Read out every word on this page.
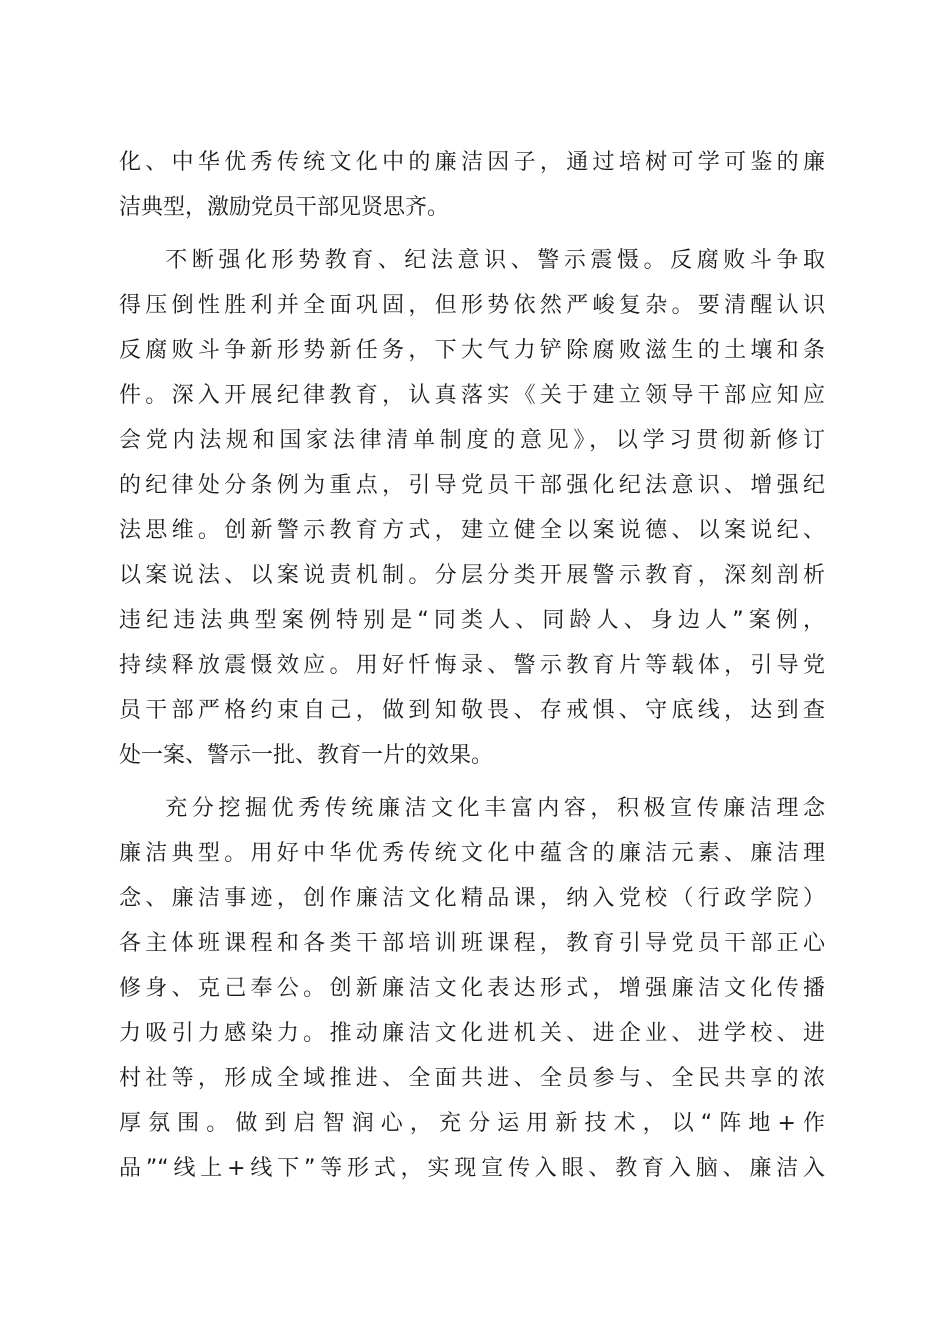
化、中华优秀传统文化中的廉洁因子，通过培树可学可鉴的廉
洁典型，激励党员干部见贤思齐。
不断强化形势教育、纪法意识、警示震慑。反腐败斗争取
得压倒性胜利并全面巩固，但形势依然严峻复杂。要清醒认识
反腐败斗争新形势新任务，下大气力铲除腐败滋生的土壤和条
件。深入开展纪律教育，认真落实《关于建立领导干部应知应
会党内法规和国家法律清单制度的意见》，以学习贯彻新修订
的纪律处分条例为重点，引导党员干部强化纪法意识、增强纪
法思维。创新警示教育方式，建立健全以案说德、以案说纪、
以案说法、以案说责机制。分层分类开展警示教育，深刻剖析
违纪违法典型案例特别是“同类人、同龄人、身边人”案例，
持续释放震慑效应。用好忏悔录、警示教育片等载体，引导党
员干部严格约束自己，做到知敬畏、存戒惧、守底线，达到查
处一案、警示一批、教育一片的效果。
充分挖掘优秀传统廉洁文化丰富内容，积极宣传廉洁理念
廉洁典型。用好中华优秀传统文化中蕴含的廉洁元素、廉洁理
念、廉洁事迹，创作廉洁文化精品课，纳入党校（行政学院）
各主体班课程和各类干部培训班课程，教育引导党员干部正心
修身、克己奉公。创新廉洁文化表达形式，增强廉洁文化传播
力吸引力感染力。推动廉洁文化进机关、进企业、进学校、进
村社等，形成全域推进、全面共进、全员参与、全民共享的浓
厚氛围。做到启智润心，充分运用新技术，以“阵地+作
品”“线上+线下”等形式，实现宣传入眼、教育入脑、廉洁入
